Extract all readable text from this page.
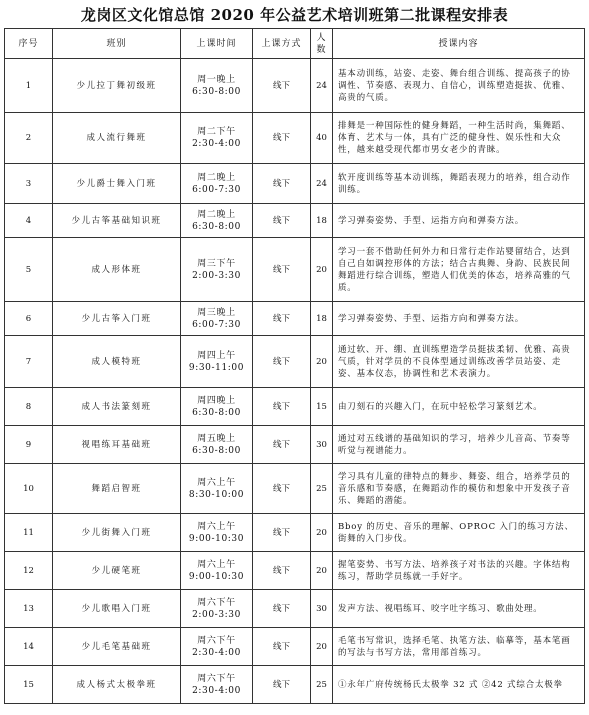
龙岗区文化馆总馆 2020 年公益艺术培训班第二批课程安排表
序号	班别	上课时间	上课方式	人数	授课内容
1	少儿拉丁舞初级班	周一晚上
6:30-8:00	线下	24	基本动训练，站姿、走姿、舞台组合训练、提高孩子的协调性、节奏感、表现力、自信心，训练塑造挺拔、优雅、高贵的气质。
2	成人流行舞班	周二下午
2:30-4:00	线下	40	排舞是一种国际性的健身舞蹈，一种生活时尚，集舞蹈、体育、艺术与一体，具有广泛的健身性、娱乐性和大众性，越来越受现代都市男女老少的青睐。
3	少儿爵士舞入门班	周二晚上
6:00-7:30	线下	24	软开度训练等基本动训练，舞蹈表现力的培养，组合动作训练。
4	少儿古筝基础知识班	周二晚上
6:30-8:00	线下	18	学习弹奏姿势、手型、运指方向和弹奏方法。
5	成人形体班	周三下午
2:00-3:30	线下	20	学习一套不借助任何外力和日常行走作站婴留结合，达到自己自如调控形体的方法；结合古典舞、身韵、民族民间舞蹈进行综合训练，塑造人们优美的体态，培养高雅的气质。
6	少儿古筝入门班	周三晚上
6:00-7:30	线下	18	学习弹奏姿势、手型、运指方向和弹奏方法。
7	成人模特班	周四上午
9:30-11:00	线下	20	通过软、开、绷、直训练塑造学员挺拔柔韧、优雅、高贵气质，针对学员的不良体型通过训练改善学员站姿、走姿、基本仪态，协调性和艺术表演力。
8	成人书法篆刻班	周四晚上
6:30-8:00	线下	15	由刀刻石的兴趣入门，在玩中轻松学习篆刻艺术。
9	视唱练耳基础班	周五晚上
6:30-8:00	线下	30	通过对五线谱的基础知识的学习，培养少儿音高、节奏等听觉与视谱能力。
10	舞蹈启智班	周六上午
8:30-10:00	线下	25	学习具有儿童的律特点的舞步、舞姿、组合，培养学员的音乐感和节奏感，在舞蹈动作的模仿和想象中开发孩子音乐、舞蹈的潜能。
11	少儿街舞入门班	周六上午
9:00-10:30	线下	20	Bboy 的历史、音乐的理解、OPROC 入门的练习方法、街舞的入门步伐。
12	少儿硬笔班	周六上午
9:00-10:30	线下	20	握笔姿势、书写方法、培养孩子对书法的兴趣。字体结构练习，帮助学员练就一手好字。
13	少儿歌唱入门班	周六下午
2:00-3:30	线下	30	发声方法、视唱练耳、咬字吐字练习、歌曲处理。
14	少儿毛笔基础班	周六下午
2:30-4:00	线下	20	毛笔书写常识，选择毛笔、执笔方法、临摹等，基本笔画的写法与书写方法，常用部首练习。
15	成人杨式太极拳班	周六下午
2:30-4:00	线下	25	①永年广府传统杨氏太极拳 32 式 ②42 式综合太极拳
